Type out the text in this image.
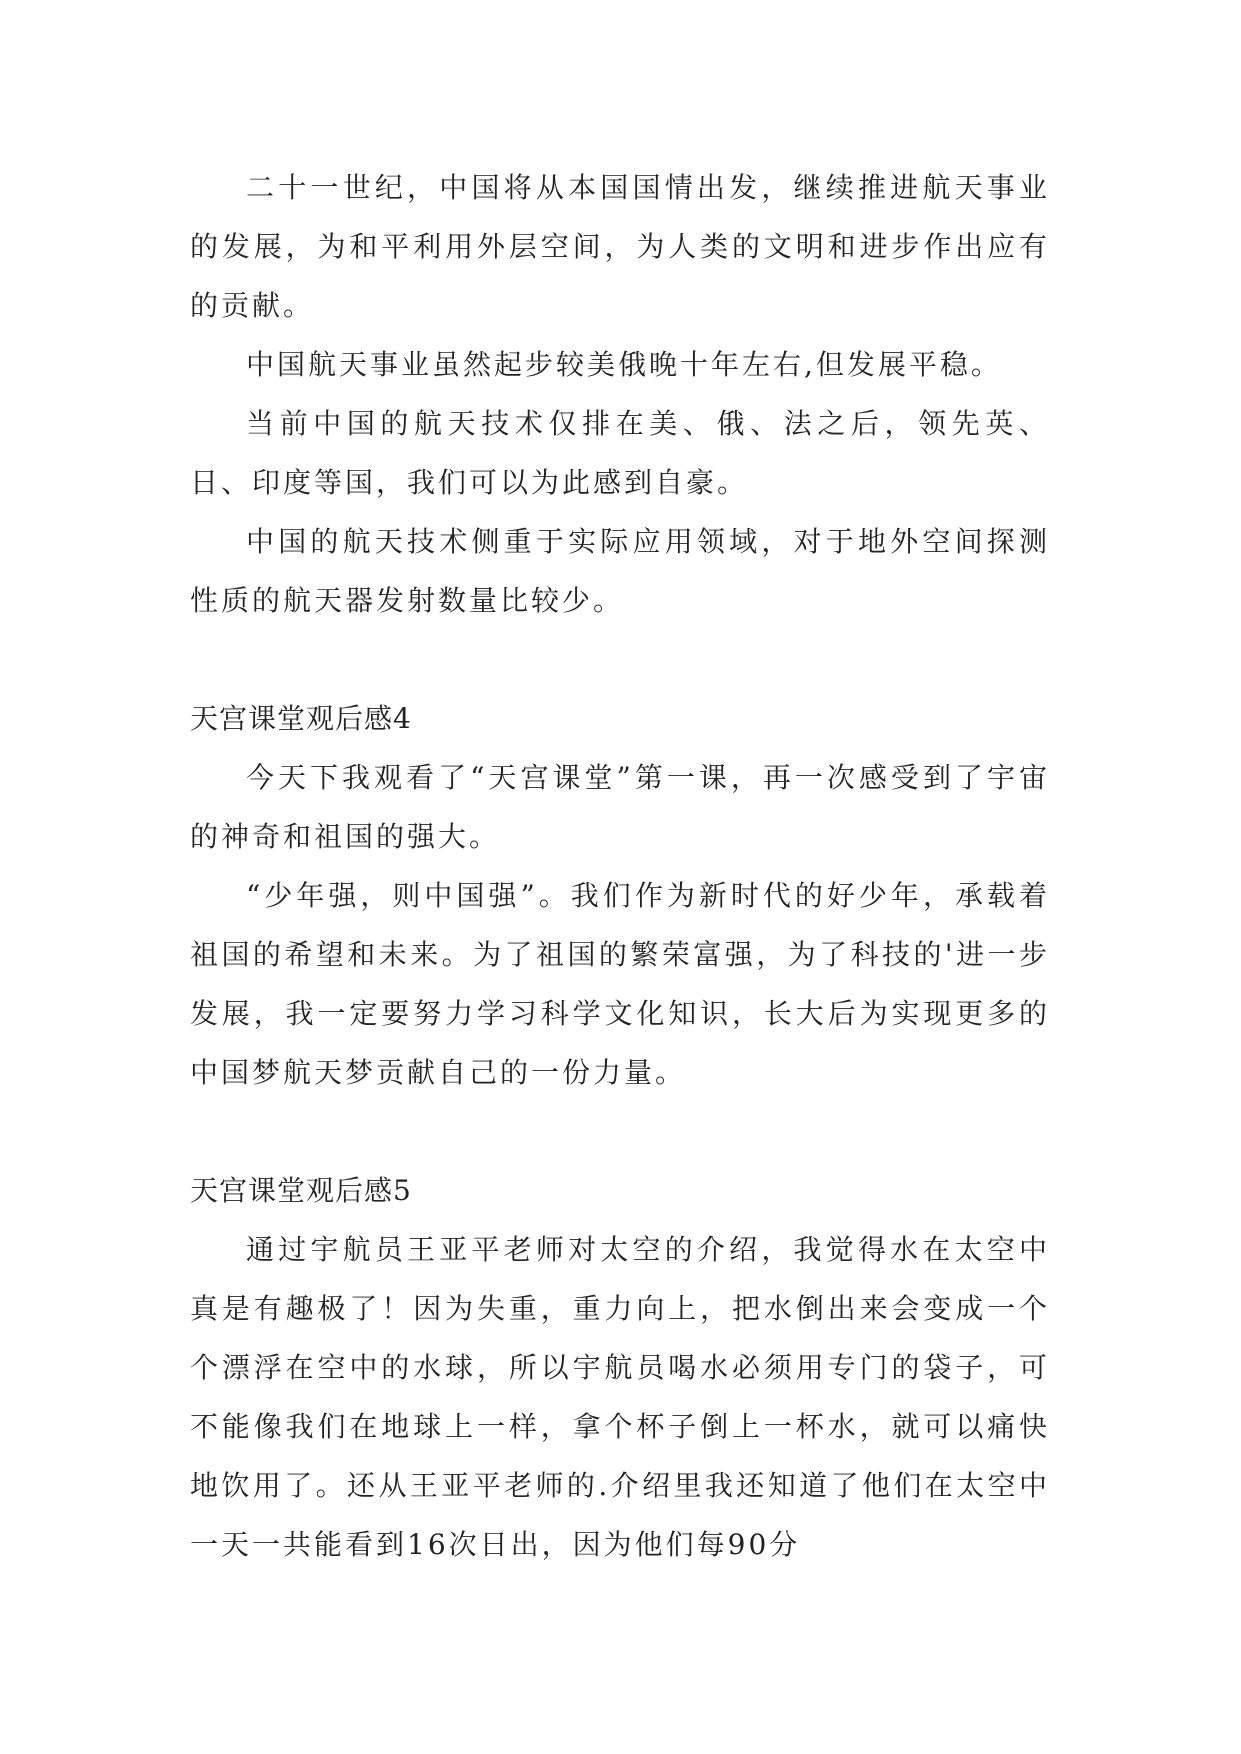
二十一世纪，中国将从本国国情出发，继续推进航天事业的发展，为和平利用外层空间，为人类的文明和进步作出应有的贡献。

中国航天事业虽然起步较美俄晚十年左右,但发展平稳。

当前中国的航天技术仅排在美、俄、法之后，领先英、日、印度等国，我们可以为此感到自豪。

中国的航天技术侧重于实际应用领域，对于地外空间探测性质的航天器发射数量比较少。

天宫课堂观后感4

今天下我观看了“天宫课堂”第一课，再一次感受到了宇宙的神奇和祖国的强大。

“少年强，则中国强”。我们作为新时代的好少年，承载着祖国的希望和未来。为了祖国的繁荣富强，为了科技的'进一步发展，我一定要努力学习科学文化知识，长大后为实现更多的中国梦航天梦贡献自己的一份力量。

天宫课堂观后感5

通过宇航员王亚平老师对太空的介绍，我觉得水在太空中真是有趣极了！因为失重，重力向上，把水倒出来会变成一个个漂浮在空中的水球，所以宇航员喝水必须用专门的袋子，可不能像我们在地球上一样，拿个杯子倒上一杯水，就可以痛快地饮用了。还从王亚平老师的.介绍里我还知道了他们在太空中一天一共能看到16次日出，因为他们每90分
